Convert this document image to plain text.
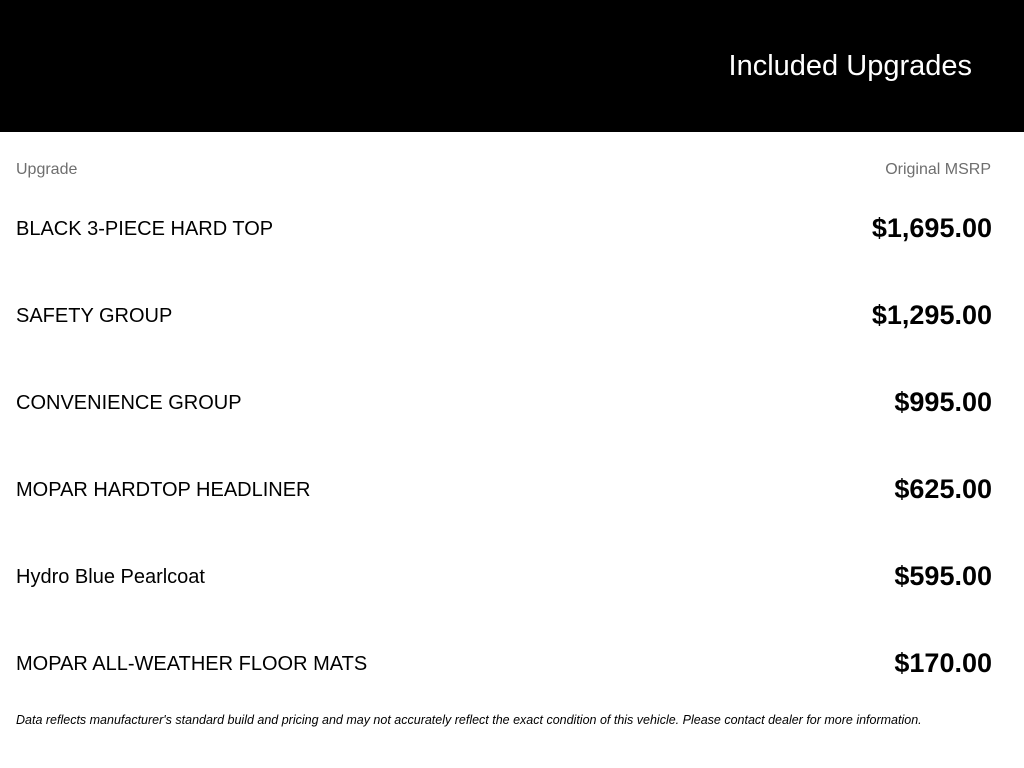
Included Upgrades
Upgrade	Original MSRP
BLACK 3-PIECE HARD TOP	$1,695.00
SAFETY GROUP	$1,295.00
CONVENIENCE GROUP	$995.00
MOPAR HARDTOP HEADLINER	$625.00
Hydro Blue Pearlcoat	$595.00
MOPAR ALL-WEATHER FLOOR MATS	$170.00
Data reflects manufacturer's standard build and pricing and may not accurately reflect the exact condition of this vehicle. Please contact dealer for more information.
